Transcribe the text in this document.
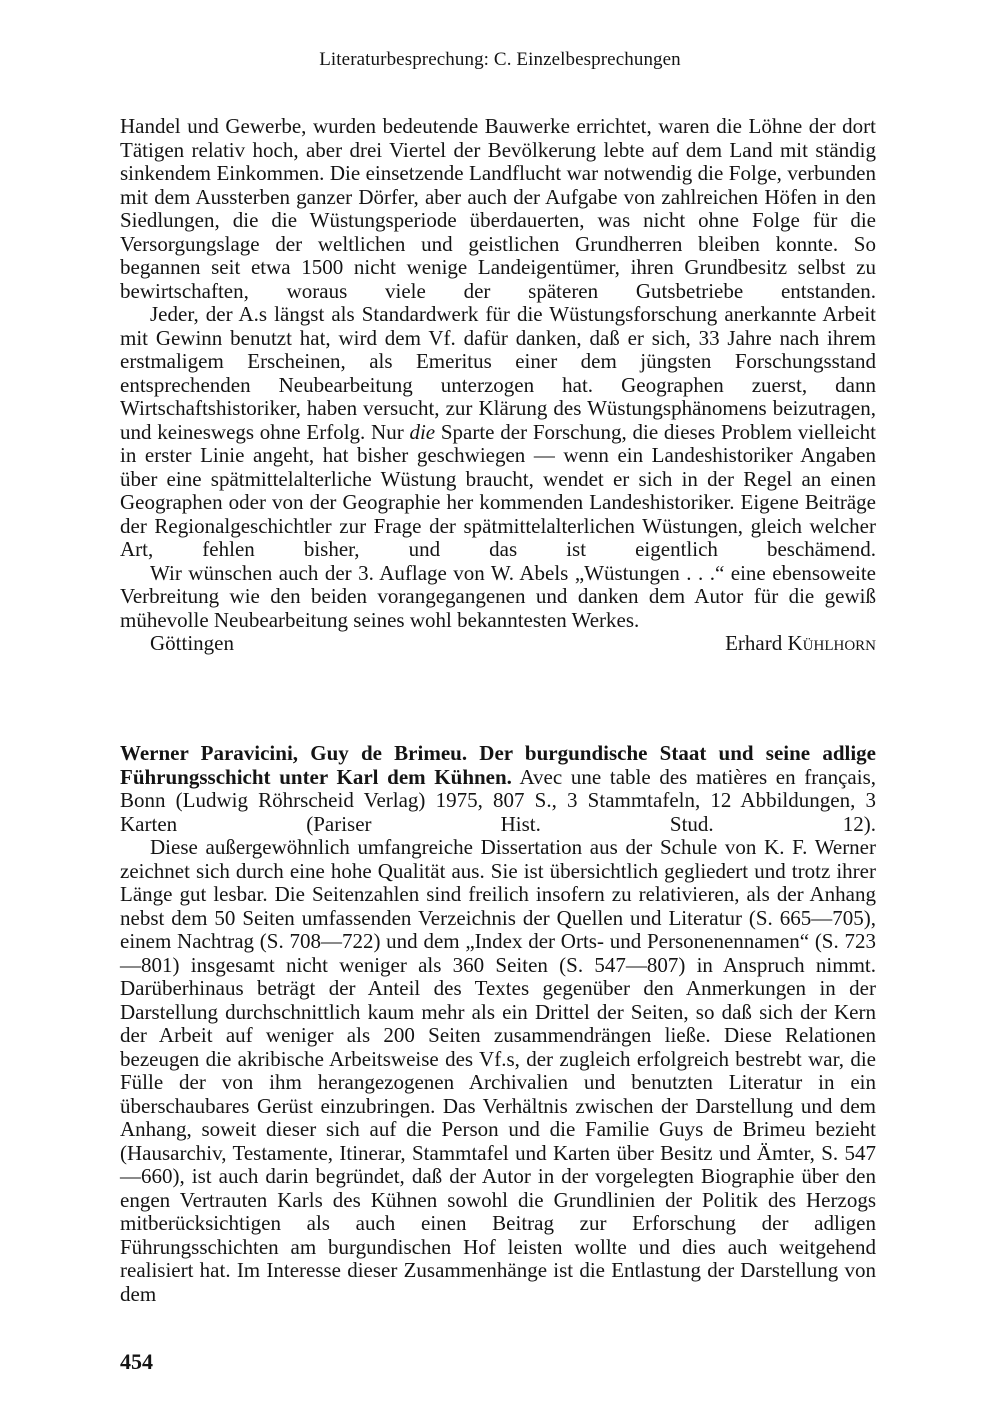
Literaturbesprechung: C. Einzelbesprechungen

Handel und Gewerbe, wurden bedeutende Bauwerke errichtet, waren die Löhne der dort Tätigen relativ hoch, aber drei Viertel der Bevölkerung lebte auf dem Land mit ständig sinkendem Einkommen. Die einsetzende Landflucht war notwendig die Folge, verbunden mit dem Aussterben ganzer Dörfer, aber auch der Aufgabe von zahlreichen Höfen in den Siedlungen, die die Wüstungsperiode überdauerten, was nicht ohne Folge für die Versorgungslage der weltlichen und geistlichen Grundherren bleiben konnte. So begannen seit etwa 1500 nicht wenige Landeigentümer, ihren Grundbesitz selbst zu bewirtschaften, woraus viele der späteren Gutsbetriebe entstanden.

Jeder, der A.s längst als Standardwerk für die Wüstungsforschung anerkannte Arbeit mit Gewinn benutzt hat, wird dem Vf. dafür danken, daß er sich, 33 Jahre nach ihrem erstmaligem Erscheinen, als Emeritus einer dem jüngsten Forschungsstand entsprechenden Neubearbeitung unterzogen hat. Geographen zuerst, dann Wirtschaftshistoriker, haben versucht, zur Klärung des Wüstungsphänomens beizutragen, und keineswegs ohne Erfolg. Nur die Sparte der Forschung, die dieses Problem vielleicht in erster Linie angeht, hat bisher geschwiegen — wenn ein Landeshistoriker Angaben über eine spätmittelalterliche Wüstung braucht, wendet er sich in der Regel an einen Geographen oder von der Geographie her kommenden Landeshistoriker. Eigene Beiträge der Regionalgeschichtler zur Frage der spätmittelalterlichen Wüstungen, gleich welcher Art, fehlen bisher, und das ist eigentlich beschämend.

Wir wünschen auch der 3. Auflage von W. Abels „Wüstungen . . .“ eine ebensoweite Verbreitung wie den beiden vorangegangenen und danken dem Autor für die gewiß mühevolle Neubearbeitung seines wohl bekanntesten Werkes.

Göttingen	Erhard Kühlhorn

Werner Paravicini, Guy de Brimeu. Der burgundische Staat und seine adlige Führungsschicht unter Karl dem Kühnen. Avec une table des matières en français, Bonn (Ludwig Röhrscheid Verlag) 1975, 807 S., 3 Stammtafeln, 12 Abbildungen, 3 Karten (Pariser Hist. Stud. 12).

Diese außergewöhnlich umfangreiche Dissertation aus der Schule von K. F. Werner zeichnet sich durch eine hohe Qualität aus. Sie ist übersichtlich gegliedert und trotz ihrer Länge gut lesbar. Die Seitenzahlen sind freilich insofern zu relativieren, als der Anhang nebst dem 50 Seiten umfassenden Verzeichnis der Quellen und Literatur (S. 665—705), einem Nachtrag (S. 708—722) und dem „Index der Orts- und Personenennamen“ (S. 723—801) insgesamt nicht weniger als 360 Seiten (S. 547—807) in Anspruch nimmt. Darüberhinaus beträgt der Anteil des Textes gegenüber den Anmerkungen in der Darstellung durchschnittlich kaum mehr als ein Drittel der Seiten, so daß sich der Kern der Arbeit auf weniger als 200 Seiten zusammendrängen ließe. Diese Relationen bezeugen die akribische Arbeitsweise des Vf.s, der zugleich erfolgreich bestrebt war, die Fülle der von ihm herangezogenen Archivalien und benutzten Literatur in ein überschaubares Gerüst einzubringen. Das Verhältnis zwischen der Darstellung und dem Anhang, soweit dieser sich auf die Person und die Familie Guys de Brimeu bezieht (Hausarchiv, Testamente, Itinerar, Stammtafel und Karten über Besitz und Ämter, S. 547—660), ist auch darin begründet, daß der Autor in der vorgelegten Biographie über den engen Vertrauten Karls des Kühnen sowohl die Grundlinien der Politik des Herzogs mitberücksichtigen als auch einen Beitrag zur Erforschung der adligen Führungsschichten am burgundischen Hof leisten wollte und dies auch weitgehend realisiert hat. Im Interesse dieser Zusammenhänge ist die Entlastung der Darstellung von dem

454
